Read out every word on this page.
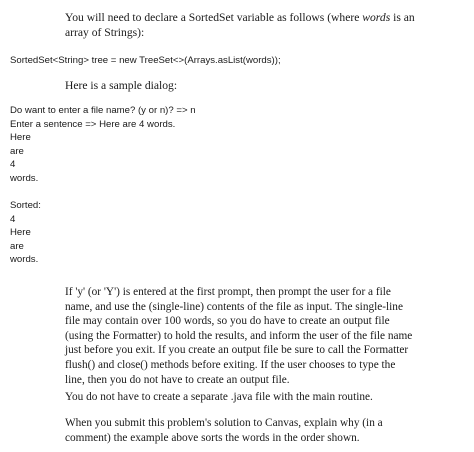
You will need to declare a SortedSet variable as follows (where words is an
array of Strings):
SortedSet<String> tree = new TreeSet<>(Arrays.asList(words));
Here is a sample dialog:
Do want to enter a file name? (y or n)? => n
Enter a sentence => Here are 4 words.
Here
are
4
words.
Sorted:
4
Here
are
words.
If 'y' (or 'Y') is entered at the first prompt, then prompt the user for a file
name, and use the (single-line) contents of the file as input. The single-line
file may contain over 100 words, so you do have to create an output file
(using the Formatter) to hold the results, and inform the user of the file name
just before you exit. If you create an output file be sure to call the Formatter
flush() and close() methods before exiting. If the user chooses to type the
line, then you do not have to create an output file.
You do not have to create a separate .java file with the main routine.
When you submit this problem's solution to Canvas, explain why (in a
comment) the example above sorts the words in the order shown.
